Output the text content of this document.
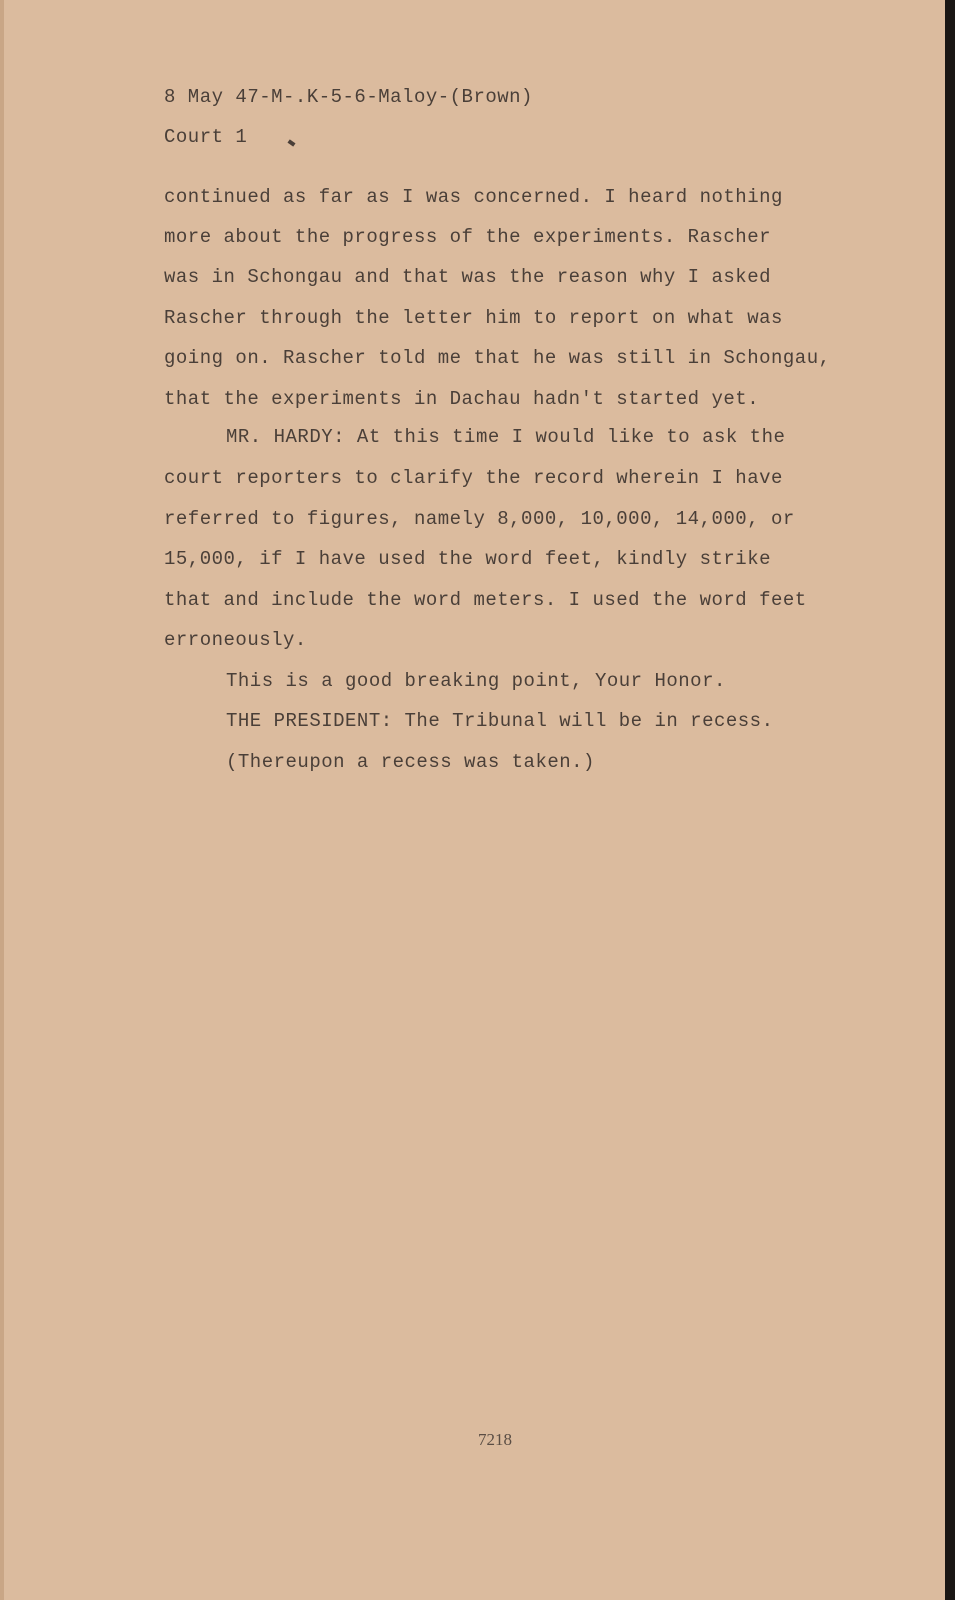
8 May 47-M-.K-5-6-Maloy-(Brown)
Court 1
continued as far as I was concerned. I heard nothing
more about the progress of the experiments. Rascher
was in Schongau and that was the reason why I asked
Rascher through the letter him to report on what was
going on. Rascher told me that he was still in Schongau,
that the experiments in Dachau hadn't started yet.
MR. HARDY: At this time I would like to ask the
court reporters to clarify the record wherein I have
referred to figures, namely 8,000, 10,000, 14,000, or
15,000, if I have used the word feet, kindly strike
that and include the word meters. I used the word feet
erroneously.
This is a good breaking point, Your Honor.
THE PRESIDENT: The Tribunal will be in recess.
(Thereupon a recess was taken.)
7218
